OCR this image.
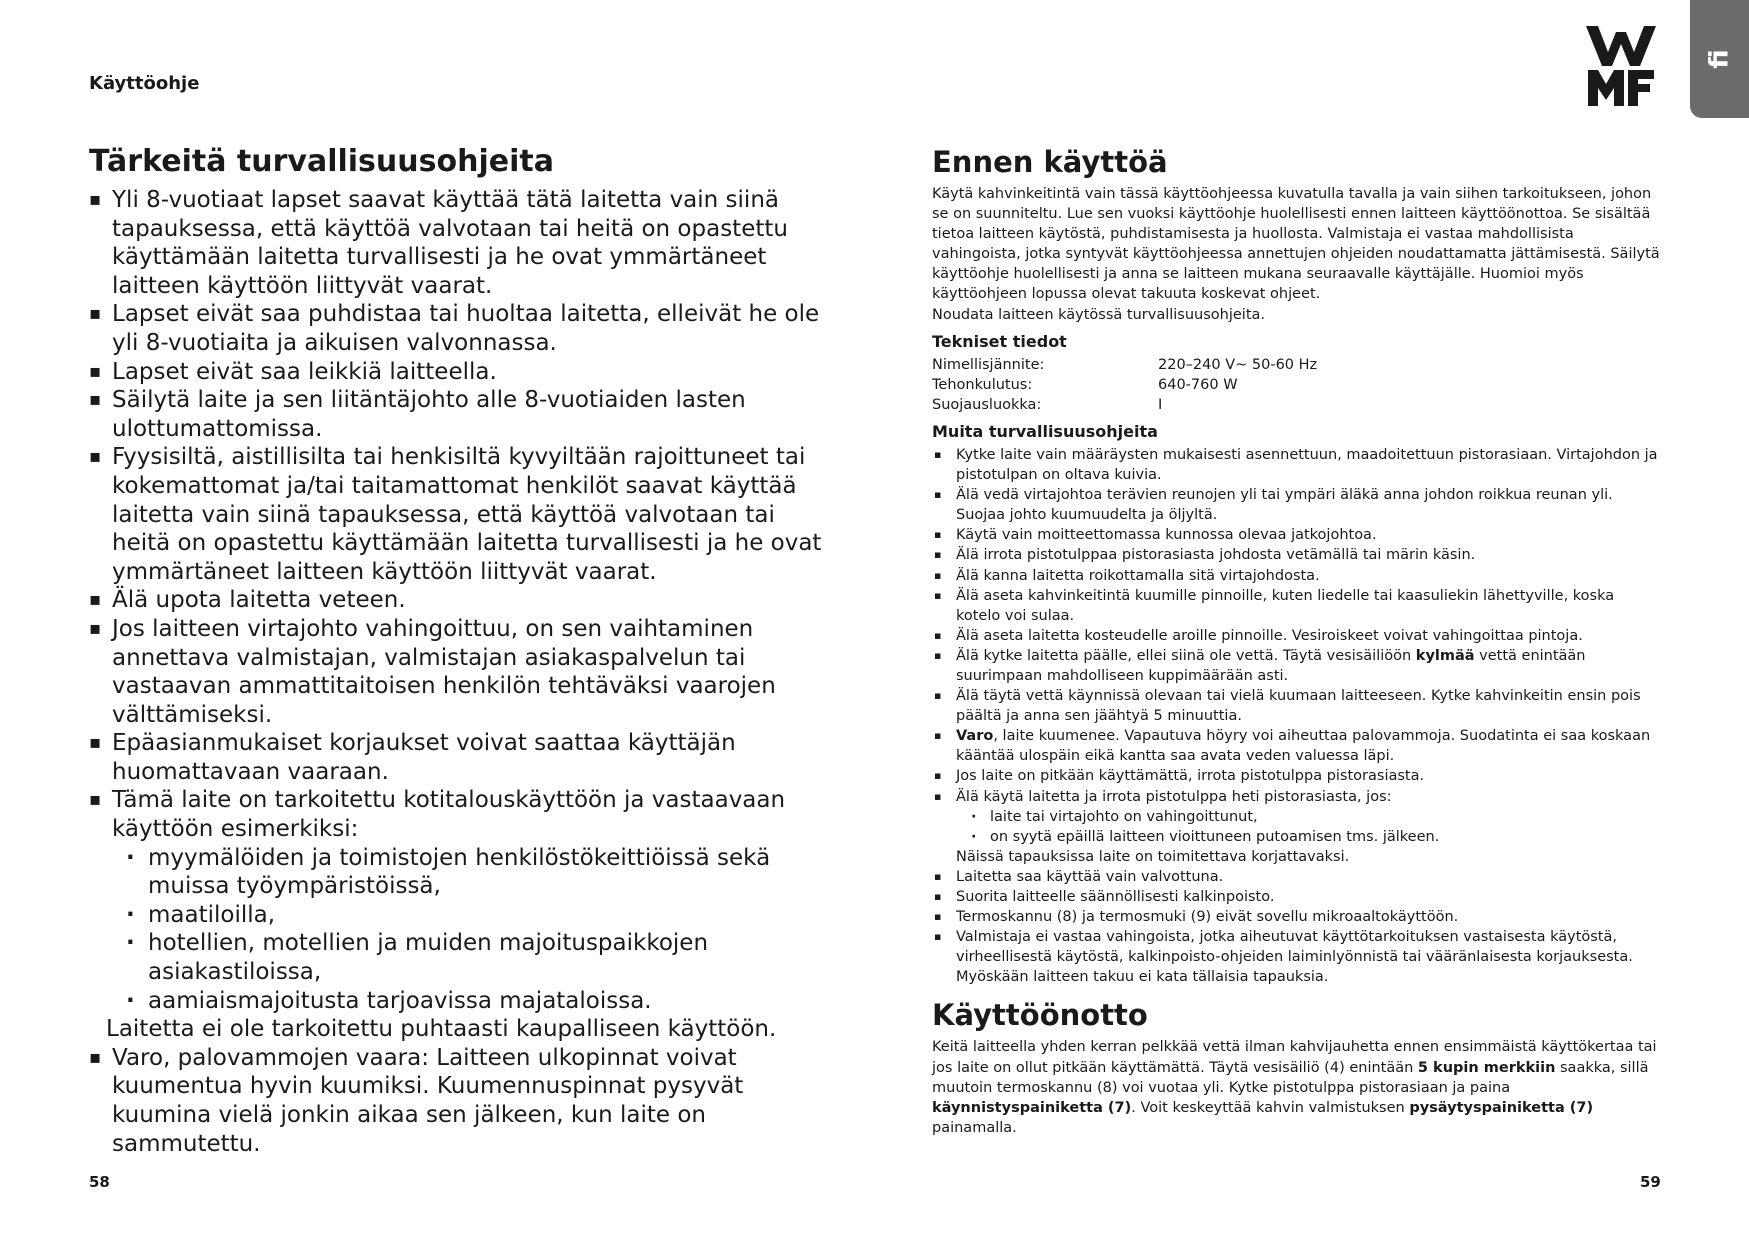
Käyttöohje
fi
Tärkeitä turvallisuusohjeita
▪ Yli 8-vuotiaat lapset saavat käyttää tätä laitetta vain siinä tapauksessa, että käyttöä valvotaan tai heitä on opastettu käyttämään laitetta turvallisesti ja he ovat ymmärtäneet laitteen käyttöön liittyvät vaarat.
▪ Lapset eivät saa puhdistaa tai huoltaa laitetta, elleivät he ole yli 8-vuotiaita ja aikuisen valvonnassa.
▪ Lapset eivät saa leikkiä laitteella.
▪ Säilytä laite ja sen liitäntäjohto alle 8-vuotiaiden lasten ulottumattomissa.
▪ Fyysisiltä, aistillisilta tai henkisiltä kyvyiltään rajoittuneet tai kokemattomat ja/tai taitamattomat henkilöt saavat käyttää laitetta vain siinä tapauksessa, että käyttöä valvotaan tai heitä on opastettu käyttämään laitetta turvallisesti ja he ovat ymmärtäneet laitteen käyttöön liittyvät vaarat.
▪ Älä upota laitetta veteen.
▪ Jos laitteen virtajohto vahingoittuu, on sen vaihtaminen annettava valmistajan, valmistajan asiakaspalvelun tai vastaavan ammattitaitoisen henkilön tehtäväksi vaarojen välttämiseksi.
▪ Epäasianmukaiset korjaukset voivat saattaa käyttäjän huomattavaan vaaraan.
▪ Tämä laite on tarkoitettu kotitalouskäyttöön ja vastaavaan käyttöön esimerkiksi:
· myymälöiden ja toimistojen henkilöstökeittiöissä sekä muissa työympäristöissä,
· maatiloilla,
· hotellien, motellien ja muiden majoituspaikkojen asiakastiloissa,
· aamiaismajoitusta tarjoavissa majataloissa.
Laitetta ei ole tarkoitettu puhtaasti kaupalliseen käyttöön.
▪ Varo, palovammojen vaara: Laitteen ulkopinnat voivat kuumentua hyvin kuumiksi. Kuumennuspinnat pysyvät kuumina vielä jonkin aikaa sen jälkeen, kun laite on sammutettu.
Ennen käyttöä

Käytä kahvinkeitintä vain tässä käyttöohjeessa kuvatulla tavalla ja vain siihen tarkoitukseen, johon se on suunniteltu. Lue sen vuoksi käyttöohje huolellisesti ennen laitteen käyttöönottoa. Se sisältää tietoa laitteen käytöstä, puhdistamisesta ja huollosta. Valmistaja ei vastaa mahdollisista vahingoista, jotka syntyvät käyttöohjeessa annettujen ohjeiden noudattamatta jättämisestä. Säilytä käyttöohje huolellisesti ja anna se laitteen mukana seuraavalle käyttäjälle. Huomioi myös käyttöohjeen lopussa olevat takuuta koskevat ohjeet.

Noudata laitteen käytössä turvallisuusohjeita.

Tekniset tiedot
Nimellisjännite:	220–240 V~ 50-60 Hz
Tehonkulutus:	640-760 W
Suojausluokka:	I
Muita turvallisuusohjeita
▪ Kytke laite vain määräysten mukaisesti asennettuun, maadoitettuun pistorasiaan. Virtajohdon ja pistotulpan on oltava kuivia.
▪ Älä vedä virtajohtoa terävien reunojen yli tai ympäri äläkä anna johdon roikkua reunan yli. Suojaa johto kuumuudelta ja öljyltä.
▪ Käytä vain moitteettomassa kunnossa olevaa jatkojohtoa.
▪ Älä irrota pistotulppaa pistorasiasta johdosta vetämällä tai märin käsin.
▪ Älä kanna laitetta roikottamalla sitä virtajohdosta.
▪ Älä aseta kahvinkeitintä kuumille pinnoille, kuten liedelle tai kaasuliekin lähettyville, koska kotelo voi sulaa.
▪ Älä aseta laitetta kosteudelle aroille pinnoille. Vesiroiskeet voivat vahingoittaa pintoja.
▪ Älä kytke laitetta päälle, ellei siinä ole vettä. Täytä vesisäiliöön kylmää vettä enintään suurimpaan mahdolliseen kuppimäärään asti.
▪ Älä täytä vettä käynnissä olevaan tai vielä kuumaan laitteeseen. Kytke kahvinkeitin ensin pois päältä ja anna sen jäähtyä 5 minuuttia.
▪ Varo, laite kuumenee. Vapautuva höyry voi aiheuttaa palovammoja. Suodatinta ei saa koskaan kääntää ulospäin eikä kantta saa avata veden valuessa läpi.
▪ Jos laite on pitkään käyttämättä, irrota pistotulppa pistorasiasta.
▪ Älä käytä laitetta ja irrota pistotulppa heti pistorasiasta, jos:
· laite tai virtajohto on vahingoittunut,
· on syytä epäillä laitteen vioittuneen putoamisen tms. jälkeen.
Näissä tapauksissa laite on toimitettava korjattavaksi.
▪ Laitetta saa käyttää vain valvottuna.
▪ Suorita laitteelle säännöllisesti kalkinpoisto.
▪ Termoskannu (8) ja termosmuki (9) eivät sovellu mikroaaltokäyttöön.
▪ Valmistaja ei vastaa vahingoista, jotka aiheutuvat käyttötarkoituksen vastaisesta käytöstä, virheellisestä käytöstä, kalkinpoisto-ohjeiden laiminlyönnistä tai vääränlaisesta korjauksesta. Myöskään laitteen takuu ei kata tällaisia tapauksia.
Käyttöönotto

Keitä laitteella yhden kerran pelkkää vettä ilman kahvijauhetta ennen ensimmäistä käyttökertaa tai jos laite on ollut pitkään käyttämättä. Täytä vesisäiliö (4) enintään 5 kupin merkkiin saakka, sillä muutoin termoskannu (8) voi vuotaa yli. Kytke pistotulppa pistorasiaan ja paina käynnistyspainiketta (7). Voit keskeyttää kahvin valmistuksen pysäytyspainiketta (7) painamalla.

58	59
